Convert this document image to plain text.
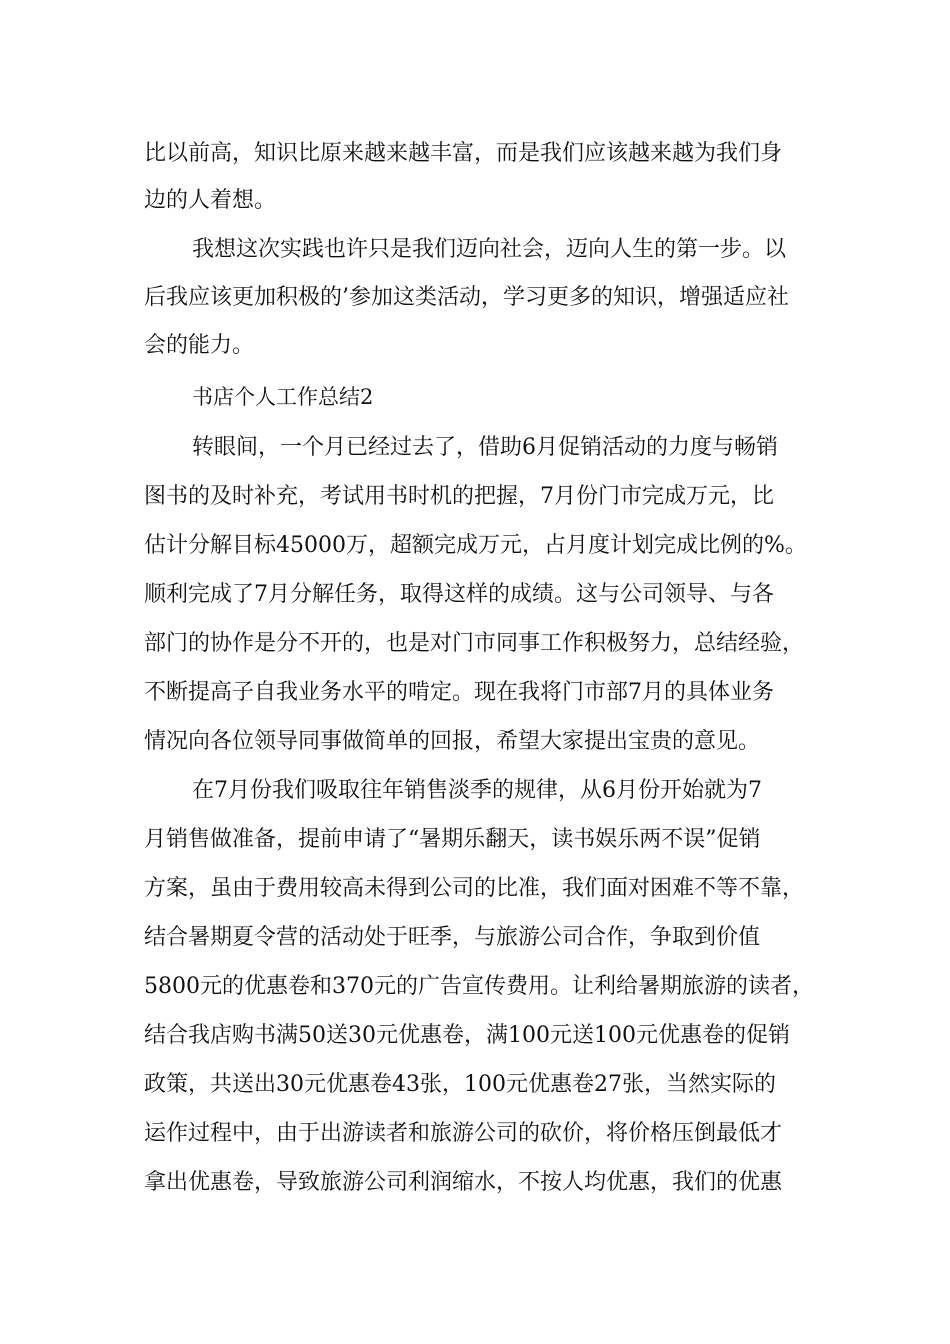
比以前高，知识比原来越来越丰富，而是我们应该越来越为我们身
边的人着想。
我想这次实践也许只是我们迈向社会，迈向人生的第一步。以
后我应该更加积极的’参加这类活动，学习更多的知识，增强适应社
会的能力。
书店个人工作总结2
转眼间，一个月已经过去了，借助6月促销活动的力度与畅销
图书的及时补充，考试用书时机的把握，7月份门市完成万元，比
估计分解目标45000万，超额完成万元，占月度计划完成比例的%。
顺利完成了7月分解任务，取得这样的成绩。这与公司领导、与各
部门的协作是分不开的，也是对门市同事工作积极努力，总结经验，
不断提高子自我业务水平的啃定。现在我将门市部7月的具体业务
情况向各位领导同事做简单的回报，希望大家提出宝贵的意见。
在7月份我们吸取往年销售淡季的规律，从6月份开始就为7
月销售做准备，提前申请了“暑期乐翻天，读书娱乐两不误”促销
方案，虽由于费用较高未得到公司的比准，我们面对困难不等不靠，
结合暑期夏令营的活动处于旺季，与旅游公司合作，争取到价值
5800元的优惠卷和370元的广告宣传费用。让利给暑期旅游的读者，
结合我店购书满50送30元优惠卷，满100元送100元优惠卷的促销
政策，共送出30元优惠卷43张，100元优惠卷27张，当然实际的
运作过程中，由于出游读者和旅游公司的砍价，将价格压倒最低才
拿出优惠卷，导致旅游公司利润缩水，不按人均优惠，我们的优惠
